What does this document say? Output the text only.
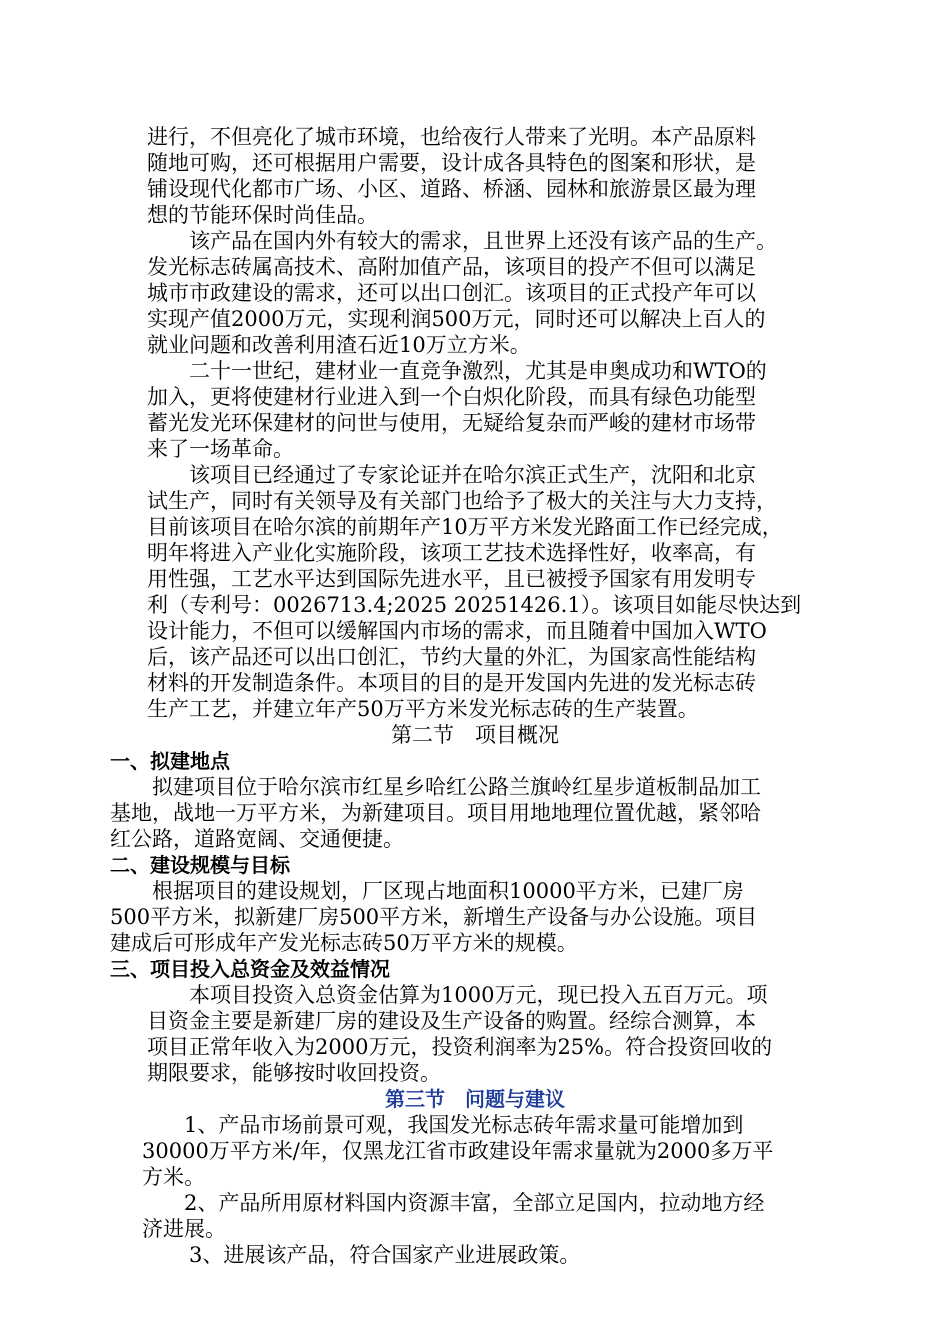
进行，不但亮化了城市环境，也给夜行人带来了光明。本产品原料
随地可购，还可根据用户需要，设计成各具特色的图案和形状，是
铺设现代化都市广场、小区、道路、桥涵、园林和旅游景区最为理
想的节能环保时尚佳品。
该产品在国内外有较大的需求，且世界上还没有该产品的生产。
发光标志砖属高技术、高附加值产品，该项目的投产不但可以满足
城市市政建设的需求，还可以出口创汇。该项目的正式投产年可以
实现产值2000万元，实现利润500万元，同时还可以解决上百人的
就业问题和改善利用渣石近10万立方米。
二十一世纪，建材业一直竞争激烈，尤其是申奥成功和WTO的
加入，更将使建材行业进入到一个白炽化阶段，而具有绿色功能型
蓄光发光环保建材的问世与使用，无疑给复杂而严峻的建材市场带
来了一场革命。
该项目已经通过了专家论证并在哈尔滨正式生产，沈阳和北京
试生产，同时有关领导及有关部门也给予了极大的关注与大力支持，
目前该项目在哈尔滨的前期年产10万平方米发光路面工作已经完成，
明年将进入产业化实施阶段，该项工艺技术选择性好，收率高，有
用性强，工艺水平达到国际先进水平，且已被授予国家有用发明专
利（专利号：0026713.4;2025 20251426.1）。该项目如能尽快达到
设计能力，不但可以缓解国内市场的需求，而且随着中国加入WTO
后，该产品还可以出口创汇，节约大量的外汇，为国家高性能结构
材料的开发制造条件。本项目的目的是开发国内先进的发光标志砖
生产工艺，并建立年产50万平方米发光标志砖的生产装置。
第二节　项目概况
一、拟建地点
拟建项目位于哈尔滨市红星乡哈红公路兰旗岭红星步道板制品加工
基地，战地一万平方米，为新建项目。项目用地地理位置优越，紧邻哈
红公路，道路宽阔、交通便捷。
二、建设规模与目标
根据项目的建设规划，厂区现占地面积10000平方米，已建厂房
500平方米，拟新建厂房500平方米，新增生产设备与办公设施。项目
建成后可形成年产发光标志砖50万平方米的规模。
三、项目投入总资金及效益情况
本项目投资入总资金估算为1000万元，现已投入五百万元。项
目资金主要是新建厂房的建设及生产设备的购置。经综合测算，本
项目正常年收入为2000万元，投资利润率为25%。符合投资回收的
期限要求，能够按时收回投资。
第三节　问题与建议
1、产品市场前景可观，我国发光标志砖年需求量可能增加到
30000万平方米/年，仅黑龙江省市政建设年需求量就为2000多万平
方米。
2、产品所用原材料国内资源丰富，全部立足国内，拉动地方经
济进展。
3、进展该产品，符合国家产业进展政策。
